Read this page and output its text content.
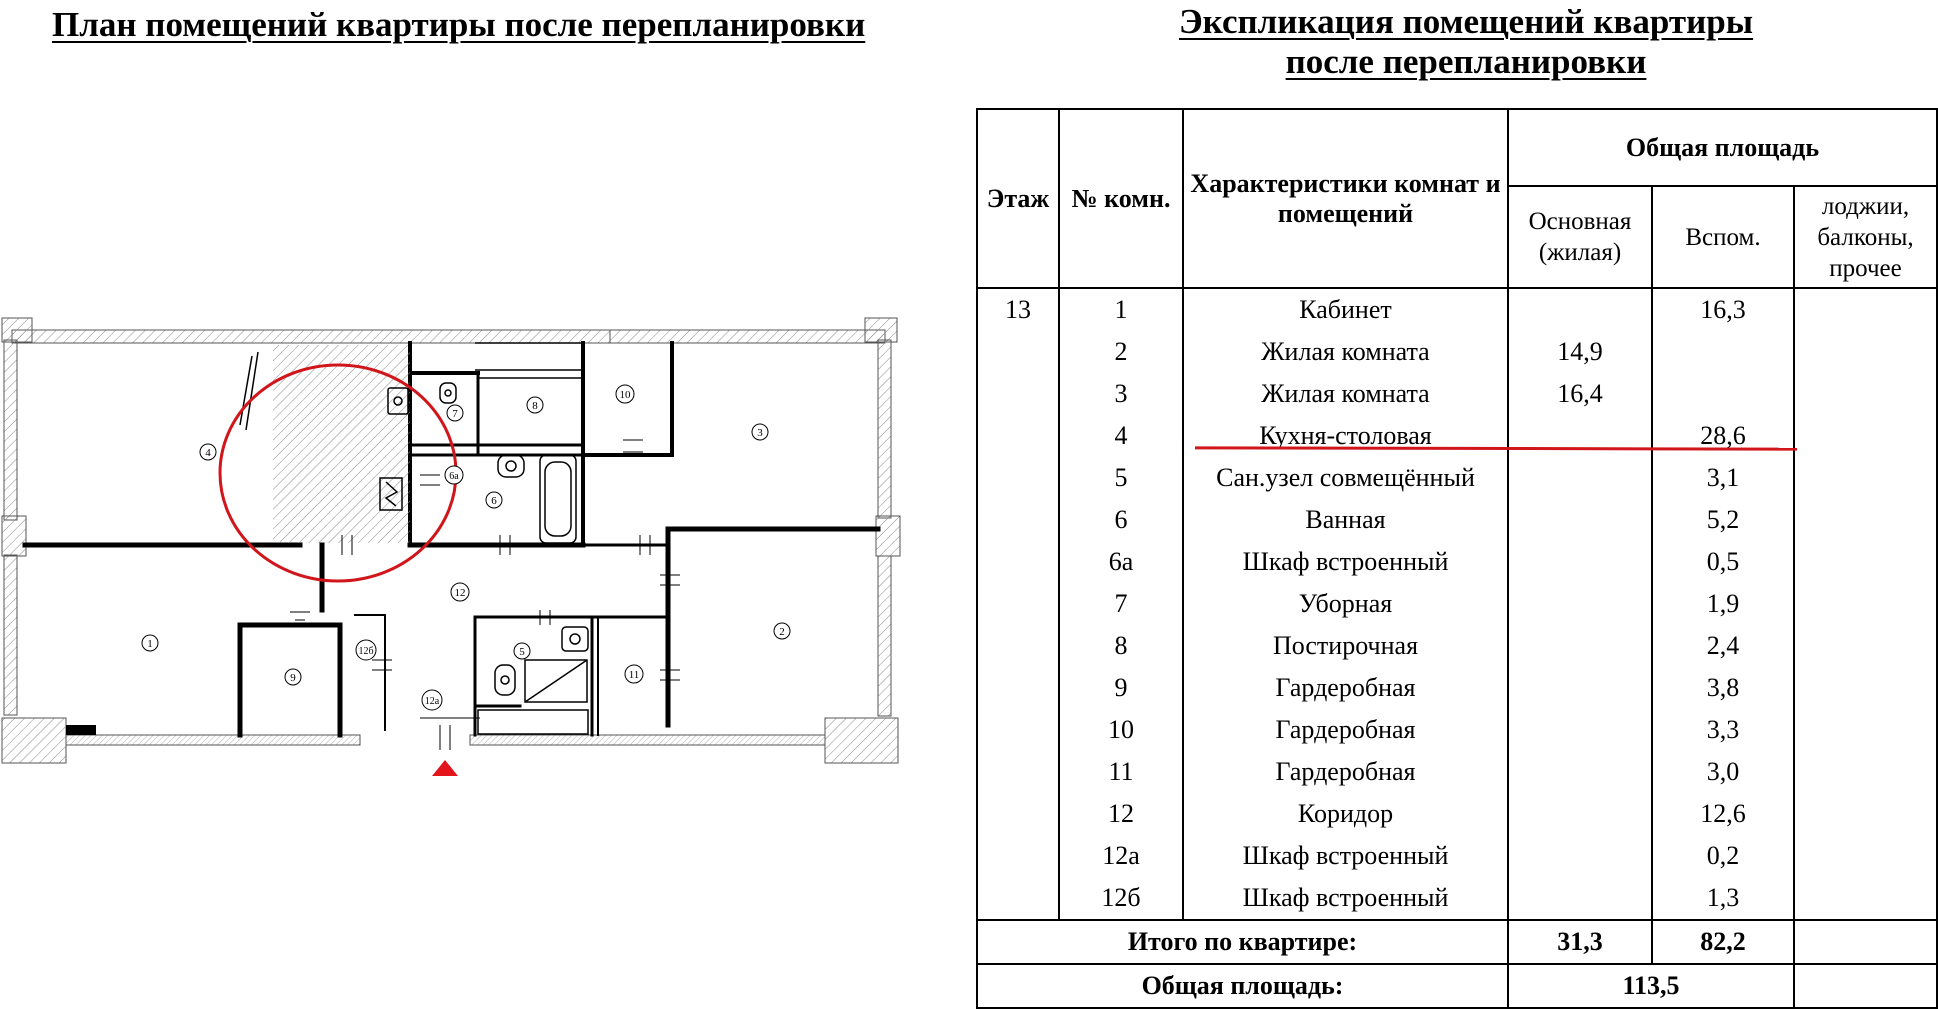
План помещений квартиры после перепланировки	Экспликация помещений квартиры
после перепланировки
4
7
8
10
3
6а
6
12
1
2
9
12б	5
11
12а
Этаж	№ комн.	Характеристики комнат и помещений	Общая площадь		
			Основная (жилая)	Вспом.	лоджии, балконы, прочее
13	1	Кабинет		16,3	
	2	Жилая комната	14,9		
	3	Жилая комната	16,4		
	4	Кухня-столовая		28,6	
	5	Сан.узел совмещённый		3,1	
	6	Ванная		5,2	
	6а	Шкаф встроенный		0,5	
	7	Уборная		1,9	
	8	Постирочная		2,4	
	9	Гардеробная		3,8	
	10	Гардеробная		3,3	
	11	Гардеробная		3,0	
	12	Коридор		12,6	
	12а	Шкаф встроенный		0,2	
	12б	Шкаф встроенный		1,3	
Итого по квартире:			31,3	82,2	
Общая площадь:			113,5		
